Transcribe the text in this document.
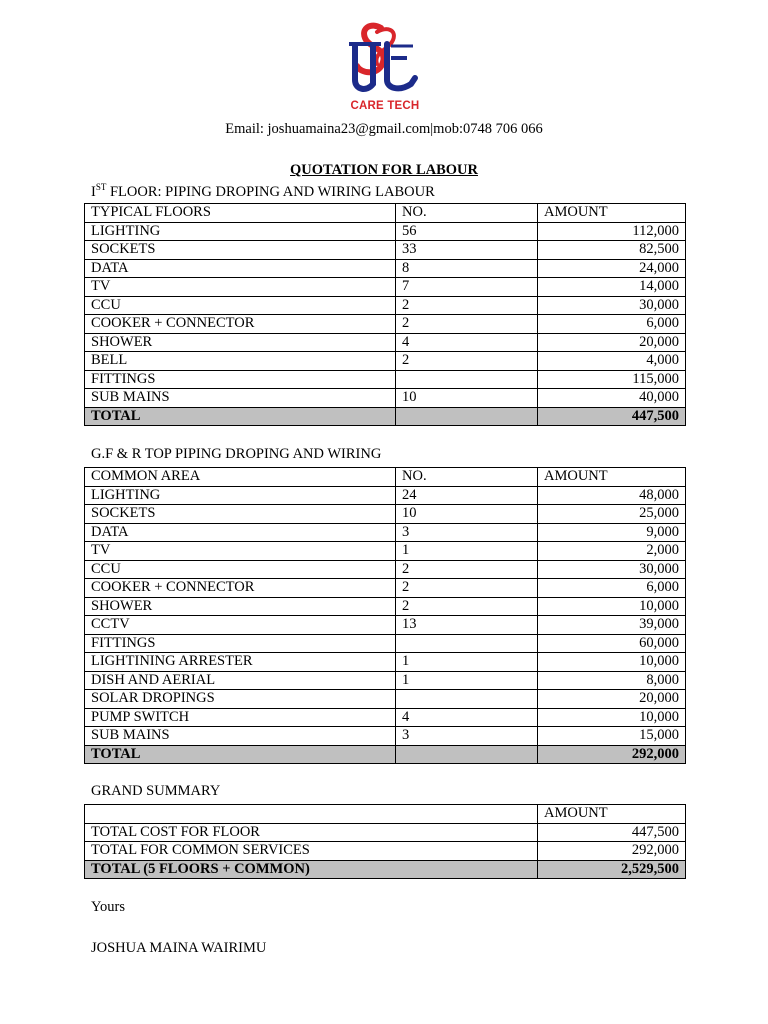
CARE TECH
Email: joshuamaina23@gmail.com|mob:0748 706 066
QUOTATION FOR LABOUR
IST FLOOR: PIPING DROPING AND WIRING LABOUR
TYPICAL FLOORS	NO.	AMOUNT
LIGHTING	56	112,000
SOCKETS	33	82,500
DATA	8	24,000
TV	7	14,000
CCU	2	30,000
COOKER + CONNECTOR	2	6,000
SHOWER	4	20,000
BELL	2	4,000
FITTINGS		115,000
SUB MAINS	10	40,000
TOTAL		447,500
G.F & R TOP PIPING DROPING AND WIRING
COMMON AREA	NO.	AMOUNT
LIGHTING	24	48,000
SOCKETS	10	25,000
DATA	3	9,000
TV	1	2,000
CCU	2	30,000
COOKER + CONNECTOR	2	6,000
SHOWER	2	10,000
CCTV	13	39,000
FITTINGS		60,000
LIGHTINING ARRESTER	1	10,000
DISH AND AERIAL	1	8,000
SOLAR DROPINGS		20,000
PUMP SWITCH	4	10,000
SUB MAINS	3	15,000
TOTAL		292,000
GRAND SUMMARY
	AMOUNT
TOTAL COST FOR FLOOR	447,500
TOTAL FOR COMMON SERVICES	292,000
TOTAL (5 FLOORS + COMMON)	2,529,500
Yours
JOSHUA MAINA WAIRIMU
